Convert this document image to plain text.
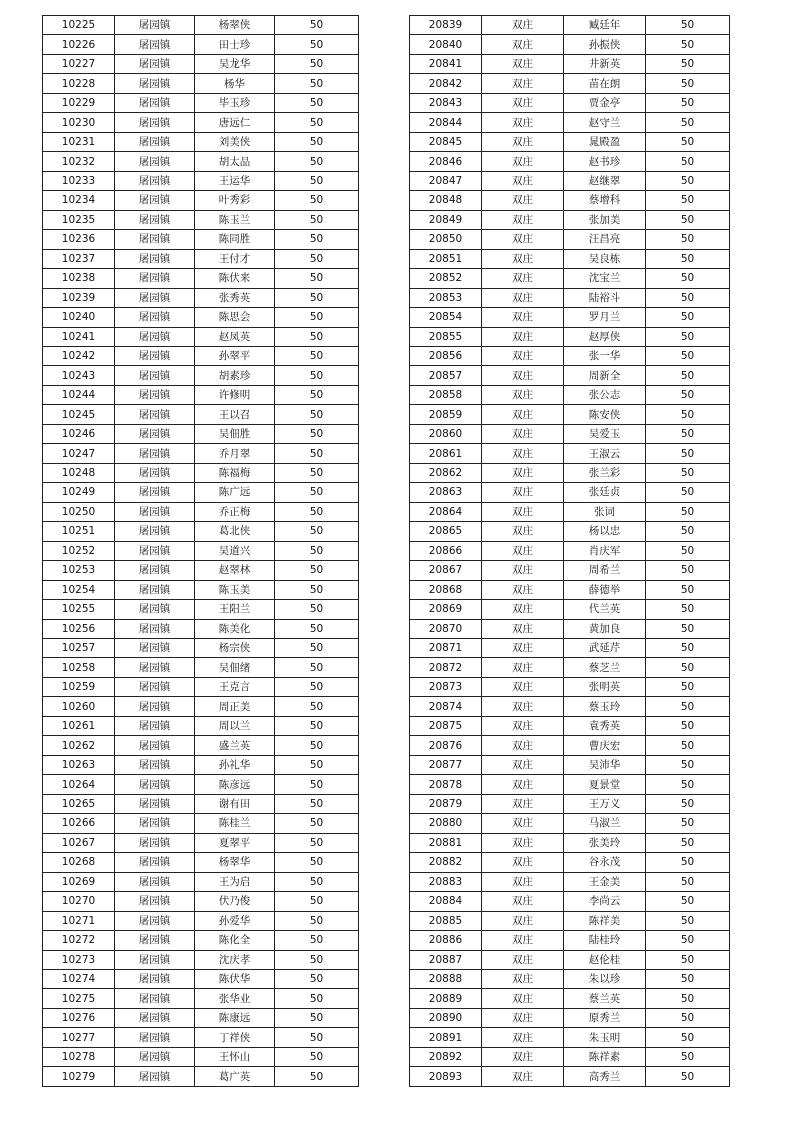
10225	屠园镇	杨翠侠	50
10226	屠园镇	田士珍	50
10227	屠园镇	吴龙华	50
10228	屠园镇	杨华	50
10229	屠园镇	毕玉珍	50
10230	屠园镇	唐远仁	50
10231	屠园镇	刘美侠	50
10232	屠园镇	胡太品	50
10233	屠园镇	王运华	50
10234	屠园镇	叶秀彩	50
10235	屠园镇	陈玉兰	50
10236	屠园镇	陈同胜	50
10237	屠园镇	王付才	50
10238	屠园镇	陈伏来	50
10239	屠园镇	张秀英	50
10240	屠园镇	陈思会	50
10241	屠园镇	赵凤英	50
10242	屠园镇	孙翠平	50
10243	屠园镇	胡素珍	50
10244	屠园镇	许修明	50
10245	屠园镇	王以召	50
10246	屠园镇	吴佃胜	50
10247	屠园镇	乔月翠	50
10248	屠园镇	陈福梅	50
10249	屠园镇	陈广远	50
10250	屠园镇	乔正梅	50
10251	屠园镇	葛北侠	50
10252	屠园镇	吴道兴	50
10253	屠园镇	赵翠林	50
10254	屠园镇	陈玉美	50
10255	屠园镇	王阳兰	50
10256	屠园镇	陈美化	50
10257	屠园镇	杨宗侠	50
10258	屠园镇	吴佃绪	50
10259	屠园镇	王克言	50
10260	屠园镇	周正美	50
10261	屠园镇	周以兰	50
10262	屠园镇	盛兰英	50
10263	屠园镇	孙礼华	50
10264	屠园镇	陈彦远	50
10265	屠园镇	谢有田	50
10266	屠园镇	陈桂兰	50
10267	屠园镇	夏翠平	50
10268	屠园镇	杨翠华	50
10269	屠园镇	王为启	50
10270	屠园镇	伏乃俊	50
10271	屠园镇	孙爱华	50
10272	屠园镇	陈化全	50
10273	屠园镇	沈庆孝	50
10274	屠园镇	陈伏华	50
10275	屠园镇	张华业	50
10276	屠园镇	陈康远	50
10277	屠园镇	丁祥侠	50
10278	屠园镇	王怀山	50
10279	屠园镇	葛广英	50
20839	双庄	臧廷年	50
20840	双庄	孙振侠	50
20841	双庄	井新英	50
20842	双庄	苗在朗	50
20843	双庄	贾金亭	50
20844	双庄	赵守兰	50
20845	双庄	晁殿盈	50
20846	双庄	赵书珍	50
20847	双庄	赵继翠	50
20848	双庄	蔡增科	50
20849	双庄	张加美	50
20850	双庄	汪昌亮	50
20851	双庄	吴良栋	50
20852	双庄	沈宝兰	50
20853	双庄	陆裕斗	50
20854	双庄	罗月兰	50
20855	双庄	赵厚侠	50
20856	双庄	张一华	50
20857	双庄	周新全	50
20858	双庄	张公志	50
20859	双庄	陈安侠	50
20860	双庄	吴爱玉	50
20861	双庄	王淑云	50
20862	双庄	张兰彩	50
20863	双庄	张廷贞	50
20864	双庄	张词	50
20865	双庄	杨以忠	50
20866	双庄	肖庆军	50
20867	双庄	周希兰	50
20868	双庄	薛德举	50
20869	双庄	代兰英	50
20870	双庄	黄加良	50
20871	双庄	武延芹	50
20872	双庄	蔡芝兰	50
20873	双庄	张明英	50
20874	双庄	蔡玉玲	50
20875	双庄	袁秀英	50
20876	双庄	曹庆宏	50
20877	双庄	吴沛华	50
20878	双庄	夏景堂	50
20879	双庄	王万义	50
20880	双庄	马淑兰	50
20881	双庄	张美玲	50
20882	双庄	谷永茂	50
20883	双庄	王金美	50
20884	双庄	李尚云	50
20885	双庄	陈祥美	50
20886	双庄	陆桂玲	50
20887	双庄	赵伦桂	50
20888	双庄	朱以珍	50
20889	双庄	蔡兰英	50
20890	双庄	原秀兰	50
20891	双庄	朱玉明	50
20892	双庄	陈祥素	50
20893	双庄	高秀兰	50
